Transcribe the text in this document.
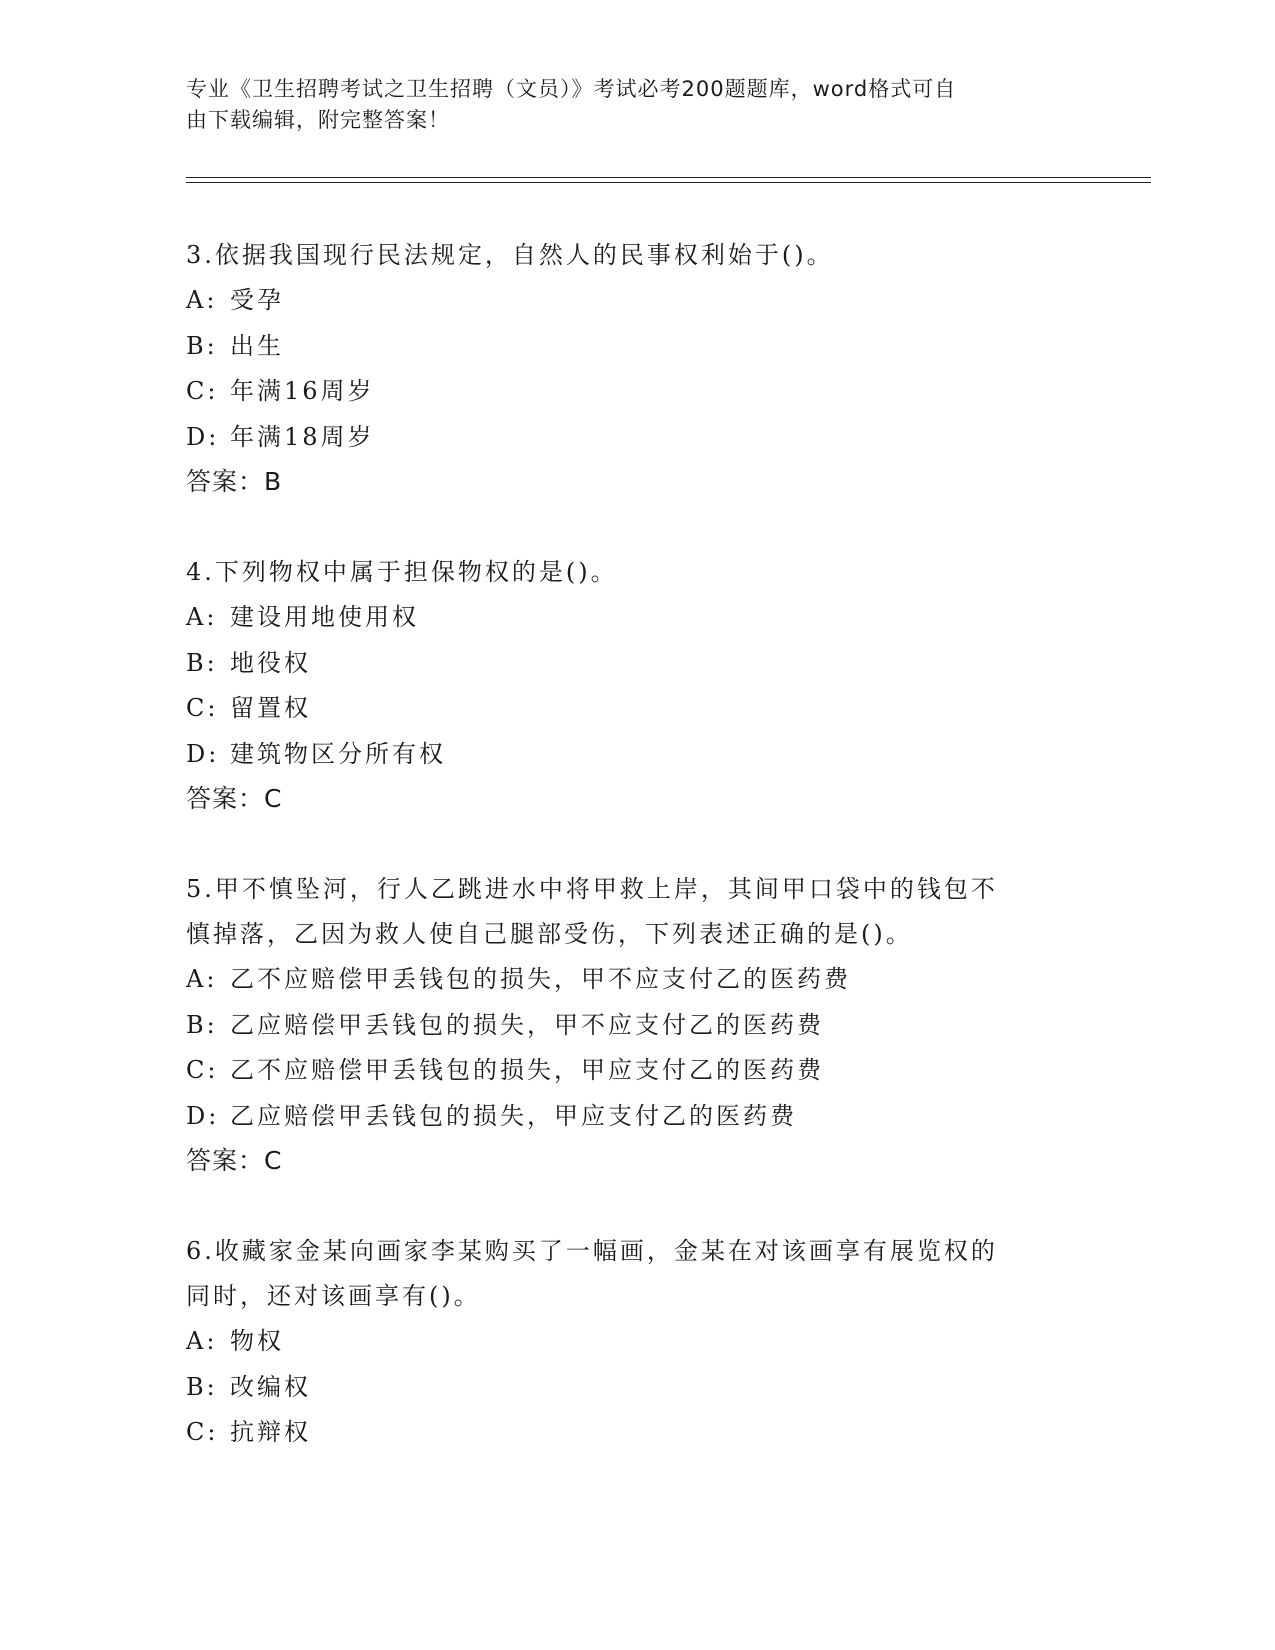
专业《卫生招聘考试之卫生招聘（文员）》考试必考200题题库，word格式可自
由下载编辑，附完整答案！
3.依据我国现行民法规定，自然人的民事权利始于()。
A: 受孕
B: 出生
C: 年满16周岁
D: 年满18周岁
答案：B
4.下列物权中属于担保物权的是()。
A: 建设用地使用权
B: 地役权
C: 留置权
D: 建筑物区分所有权
答案：C
5.甲不慎坠河，行人乙跳进水中将甲救上岸，其间甲口袋中的钱包不
慎掉落，乙因为救人使自己腿部受伤，下列表述正确的是()。
A: 乙不应赔偿甲丢钱包的损失，甲不应支付乙的医药费
B: 乙应赔偿甲丢钱包的损失，甲不应支付乙的医药费
C: 乙不应赔偿甲丢钱包的损失，甲应支付乙的医药费
D: 乙应赔偿甲丢钱包的损失，甲应支付乙的医药费
答案：C
6.收藏家金某向画家李某购买了一幅画，金某在对该画享有展览权的
同时，还对该画享有()。
A: 物权
B: 改编权
C: 抗辩权
